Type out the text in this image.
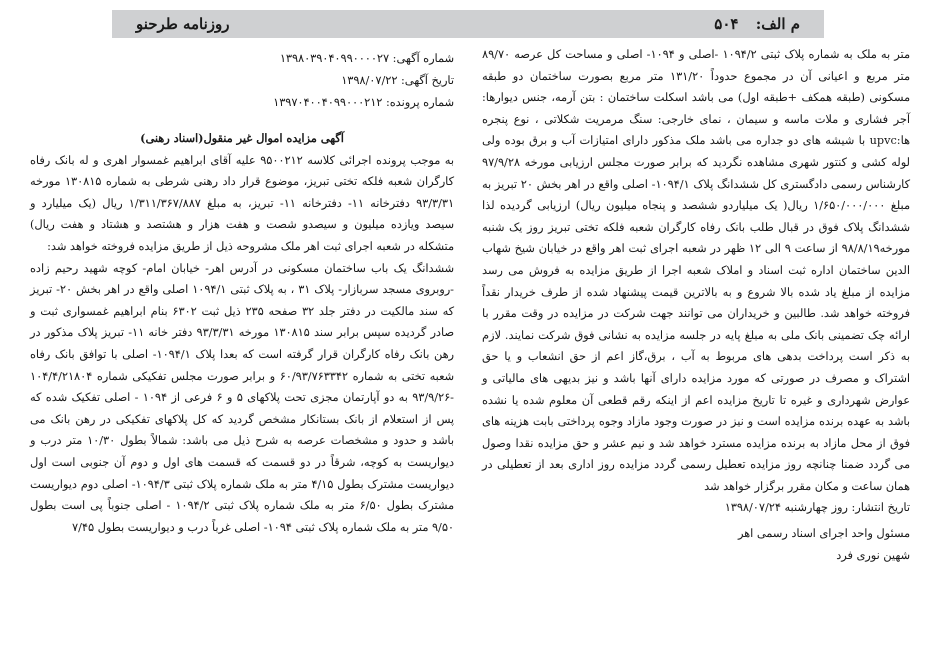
م الف: ۵۰۴
روزنامه طرحنو
شماره آگهی: ۱۳۹۸۰۳۹۰۴۰۹۹۰۰۰۰۲۷
تاریخ آگهی: ۱۳۹۸/۰۷/۲۲
شماره پرونده: ۱۳۹۷۰۴۰۰۴۰۹۹۰۰۰۲۱۲
آگهی مزایده اموال غیر منقول(اسناد رهنی)

به موجب پرونده اجرائی کلاسه ۹۵۰۰۲۱۲ علیه آقای ابراهیم غمسوار اهری و له بانک رفاه کارگران شعبه فلکه تختی تبریز، موضوع قرار داد رهنی شرطی به شماره ۱۳۰۸۱۵ مورخه ۹۳/۳/۳۱ دفترخانه ۱۱- دفترخانه ۱۱- تبریز، به مبلغ ۱/۳۱۱/۳۶۷/۸۸۷ ریال (یک میلیارد و سیصد ویازده میلیون و سیصدو شصت و هفت هزار و هشتصد و هشتاد و هفت ریال) متشکله در شعبه اجرای ثبت اهر ملک مشروحه ذیل از طریق مزایده فروخته خواهد شد:

ششدانگ یک باب ساختمان مسکونی در آدرس اهر- خیابان امام- کوچه شهید رحیم زاده -روبروی مسجد سربازار- پلاک ۳۱ ، به پلاک ثبتی ۱۰۹۴/۱ اصلی واقع در اهر بخش ۲۰- تبریز که سند مالکیت در دفتر جلد ۳۲ صفحه ۲۳۵ ذیل ثبت ۶۳۰۲ بنام ابراهیم غمسواری ثبت و صادر گردیده سپس برابر سند ۱۳۰۸۱۵ مورخه ۹۳/۳/۳۱ دفتر خانه ۱۱- تبریز پلاک مذکور در رهن بانک رفاه کارگران قرار گرفته است که بعدا پلاک ۱۰۹۴/۱- اصلی با توافق بانک رفاه شعبه تختی به شماره ۶۰/۹۳/۷۶۳۳۴۲ و برابر صورت مجلس تفکیکی شماره ۱۰۴/۴/۲۱۸۰۴ -۹۳/۹/۲۶ به دو آپارتمان مجزی تحت پلاکهای ۵ و ۶ فرعی از ۱۰۹۴ - اصلی تفکیک شده که پس از استعلام از بانک بستانکار مشخص گردید که کل پلاکهای تفکیکی در رهن بانک می باشد و حدود و مشخصات عرصه به شرح ذیل می باشد: شمالاً بطول ۱۰/۳۰ متر درب و دیواریست به کوچه، شرقاً در دو قسمت که قسمت های اول و دوم آن جنوبی است اول دیواریست مشترک بطول ۴/۱۵ متر به ملک شماره پلاک ثبتی ۱۰۹۴/۳- اصلی دوم دیواریست مشترک بطول ۶/۵۰ متر به ملک شماره پلاک ثبتی ۱۰۹۴/۲ - اصلی جنوباً پی است بطول ۹/۵۰ متر به ملک شماره پلاک ثبتی ۱۰۹۴- اصلی غرباً درب و دیواریست بطول ۷/۴۵

متر به ملک به شماره پلاک ثبتی ۱۰۹۴/۲ -اصلی و ۱۰۹۴- اصلی و مساحت کل عرصه ۸۹/۷۰ متر مربع و اعیانی آن در مجموع حدوداً ۱۳۱/۲۰ متر مربع بصورت ساختمان دو طبقه مسکونی (طبقه همکف +طبقه اول) می باشد اسکلت ساختمان : بتن آرمه، جنس دیوارها: آجر فشاری و ملات ماسه و سیمان ، نمای خارجی: سنگ مرمریت شکلاتی ، نوع پنجره ها:upvc با شیشه های دو جداره می باشد ملک مذکور دارای امتیازات آب و برق بوده ولی لوله کشی و کنتور شهری مشاهده نگردید که برابر صورت مجلس ارزیابی مورخه ۹۷/۹/۲۸ کارشناس رسمی دادگستری کل ششدانگ پلاک ۱۰۹۴/۱- اصلی واقع در اهر بخش ۲۰ تبریز به مبلغ ۱/۶۵۰/۰۰۰/۰۰۰ ریال( یک میلیاردو ششصد و پنجاه میلیون ریال) ارزیابی گردیده لذا ششدانگ پلاک فوق در قبال طلب بانک رفاه کارگران شعبه فلکه تختی تبریز روز یک شنبه مورخه۹۸/۸/۱۹ از ساعت ۹ الی ۱۲ ظهر در شعبه اجرای ثبت اهر واقع در خیابان شیخ شهاب الدین ساختمان اداره ثبت اسناد و املاک شعبه اجرا از طریق مزایده به فروش می رسد مزایده از مبلغ یاد شده بالا شروع و به بالاترین قیمت پیشنهاد شده از طرف خریدار نقداً فروخته خواهد شد. طالبین و خریداران می توانند جهت شرکت در مزایده در وقت مقرر با ارائه چک تضمینی بانک ملی به مبلغ پایه در جلسه مزایده به نشانی فوق شرکت نمایند. لازم به ذکر است پرداخت بدهی های مربوط به آب ، برق،گاز اعم از حق انشعاب و یا حق اشتراک و مصرف در صورتی که مورد مزایده دارای آنها باشد و نیز بدیهی های مالیاتی و عوارض شهرداری و غیره تا تاریخ مزایده اعم از اینکه رقم قطعی آن معلوم شده یا نشده باشد به عهده برنده مزایده است و نیز در صورت وجود مازاد وجوه پرداختی بابت هزینه های فوق از محل مازاد به برنده مزایده مسترد خواهد شد و نیم عشر و حق مزایده نقدا وصول می گردد ضمنا چنانچه روز مزایده تعطیل رسمی گردد مزایده روز اداری بعد از تعطیلی در همان ساعت و مکان مقرر برگزار خواهد شد

تاریخ انتشار: روز چهارشنبه ۱۳۹۸/۰۷/۲۴

مسئول واحد اجرای اسناد رسمی اهر

شهین نوری فرد
